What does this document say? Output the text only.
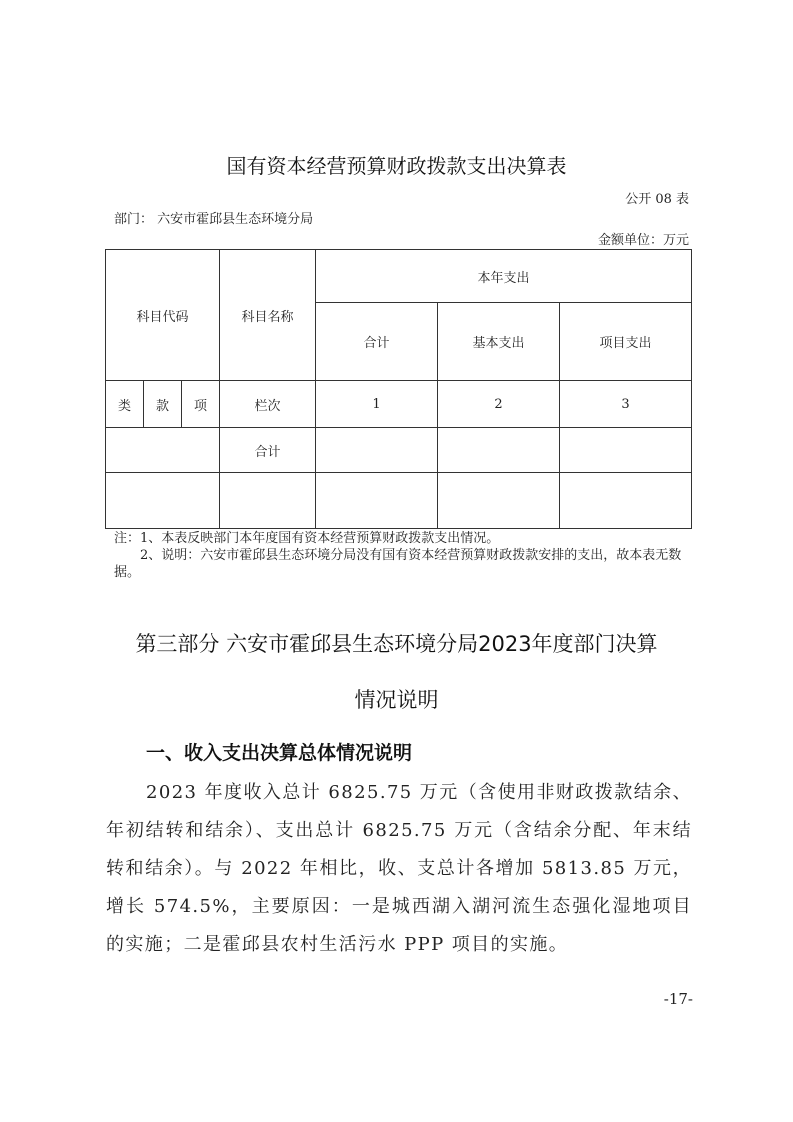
国有资本经营预算财政拨款支出决算表
公开 08 表
部门： 六安市霍邱县生态环境分局
金额单位：万元
科目代码			科目名称	本年支出		
				合计	基本支出	项目支出
类	款	项	栏次	1	2	3
			合计			

注：1、本表反映部门本年度国有资本经营预算财政拨款支出情况。

2、说明：六安市霍邱县生态环境分局没有国有资本经营预算财政拨款安排的支出，故本表无数据。

第三部分 六安市霍邱县生态环境分局2023年度部门决算
情况说明
一、收入支出决算总体情况说明

2023 年度收入总计 6825.75 万元（含使用非财政拨款结余、年初结转和结余）、支出总计 6825.75 万元（含结余分配、年末结转和结余）。与 2022 年相比，收、支总计各增加 5813.85 万元，增长 574.5%，主要原因：一是城西湖入湖河流生态强化湿地项目的实施；二是霍邱县农村生活污水 PPP 项目的实施。

-17-
